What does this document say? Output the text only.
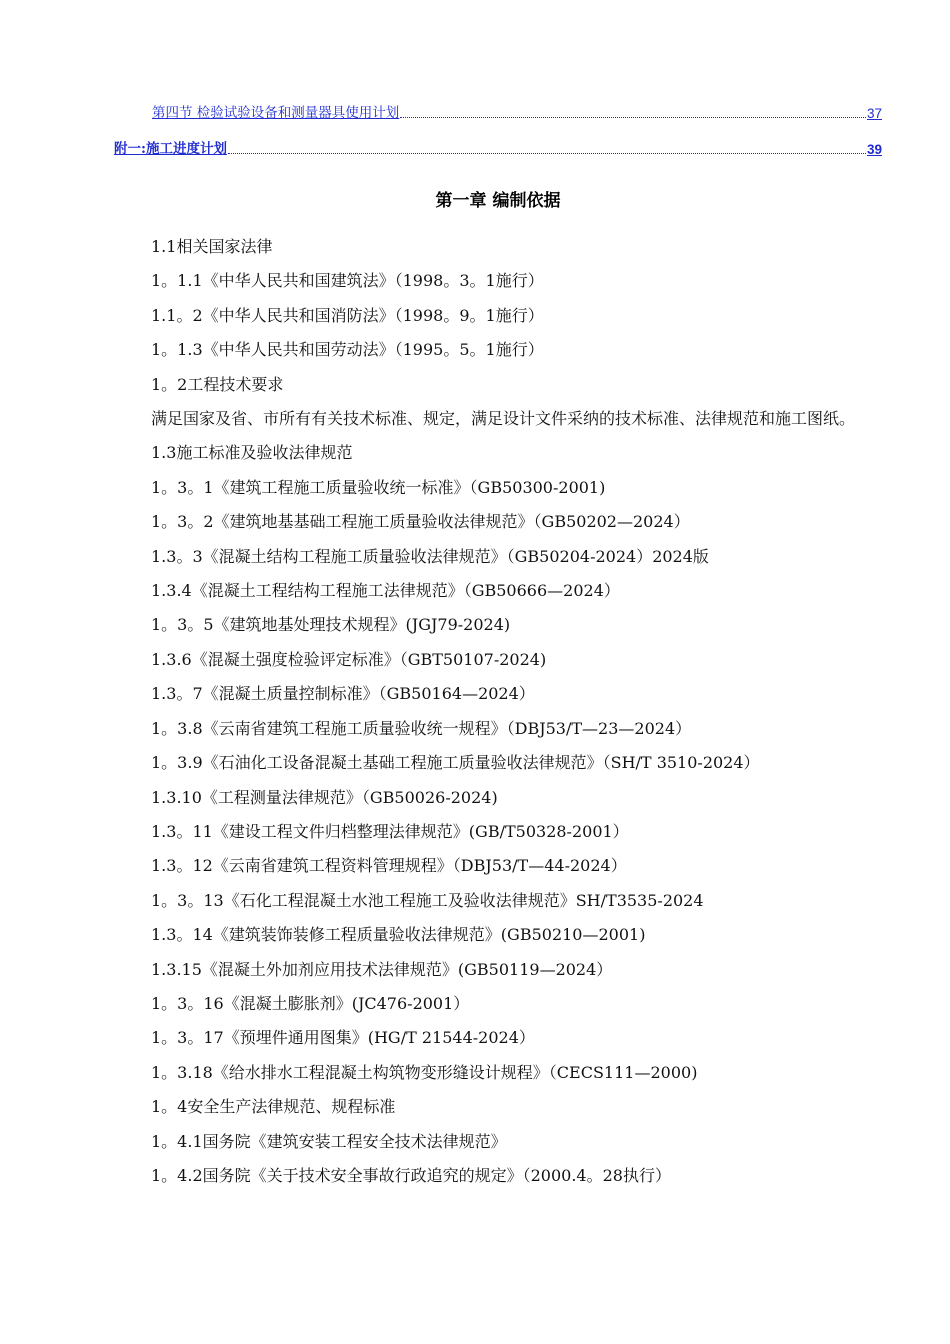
第四节 检验试验设备和测量器具使用计划	37
附一:施工进度计划	39
第一章 编制依据

1.1相关国家法律

1。1.1《中华人民共和国建筑法》（1998。3。1施行）

1.1。2《中华人民共和国消防法》（1998。9。1施行）

1。1.3《中华人民共和国劳动法》（1995。5。1施行）

1。2工程技术要求

满足国家及省、市所有有关技术标准、规定，满足设计文件采纳的技术标准、法律规范和施工图纸。

1.3施工标准及验收法律规范

1。3。1《建筑工程施工质量验收统一标准》（GB50300-2001)

1。3。2《建筑地基基础工程施工质量验收法律规范》（GB50202—2024）

1.3。3《混凝土结构工程施工质量验收法律规范》（GB50204-2024）2024版

1.3.4《混凝土工程结构工程施工法律规范》（GB50666—2024）

1。3。5《建筑地基处理技术规程》(JGJ79-2024)

1.3.6《混凝土强度检验评定标准》（GBT50107-2024)

1.3。7《混凝土质量控制标准》（GB50164—2024）

1。3.8《云南省建筑工程施工质量验收统一规程》（DBJ53/T—23—2024）

1。3.9《石油化工设备混凝土基础工程施工质量验收法律规范》（SH/T 3510-2024）

1.3.10《工程测量法律规范》（GB50026-2024)

1.3。11《建设工程文件归档整理法律规范》(GB/T50328-2001）

1.3。12《云南省建筑工程资料管理规程》（DBJ53/T—44-2024）

1。3。13《石化工程混凝土水池工程施工及验收法律规范》SH/T3535-2024

1.3。14《建筑装饰装修工程质量验收法律规范》(GB50210—2001)

1.3.15《混凝土外加剂应用技术法律规范》(GB50119—2024）

1。3。16《混凝土膨胀剂》(JC476-2001）

1。3。17《预埋件通用图集》(HG/T 21544-2024）

1。3.18《给水排水工程混凝土构筑物变形缝设计规程》（CECS111—2000)

1。4安全生产法律规范、规程标准

1。4.1国务院《建筑安装工程安全技术法律规范》

1。4.2国务院《关于技术安全事故行政追究的规定》（2000.4。28执行）
